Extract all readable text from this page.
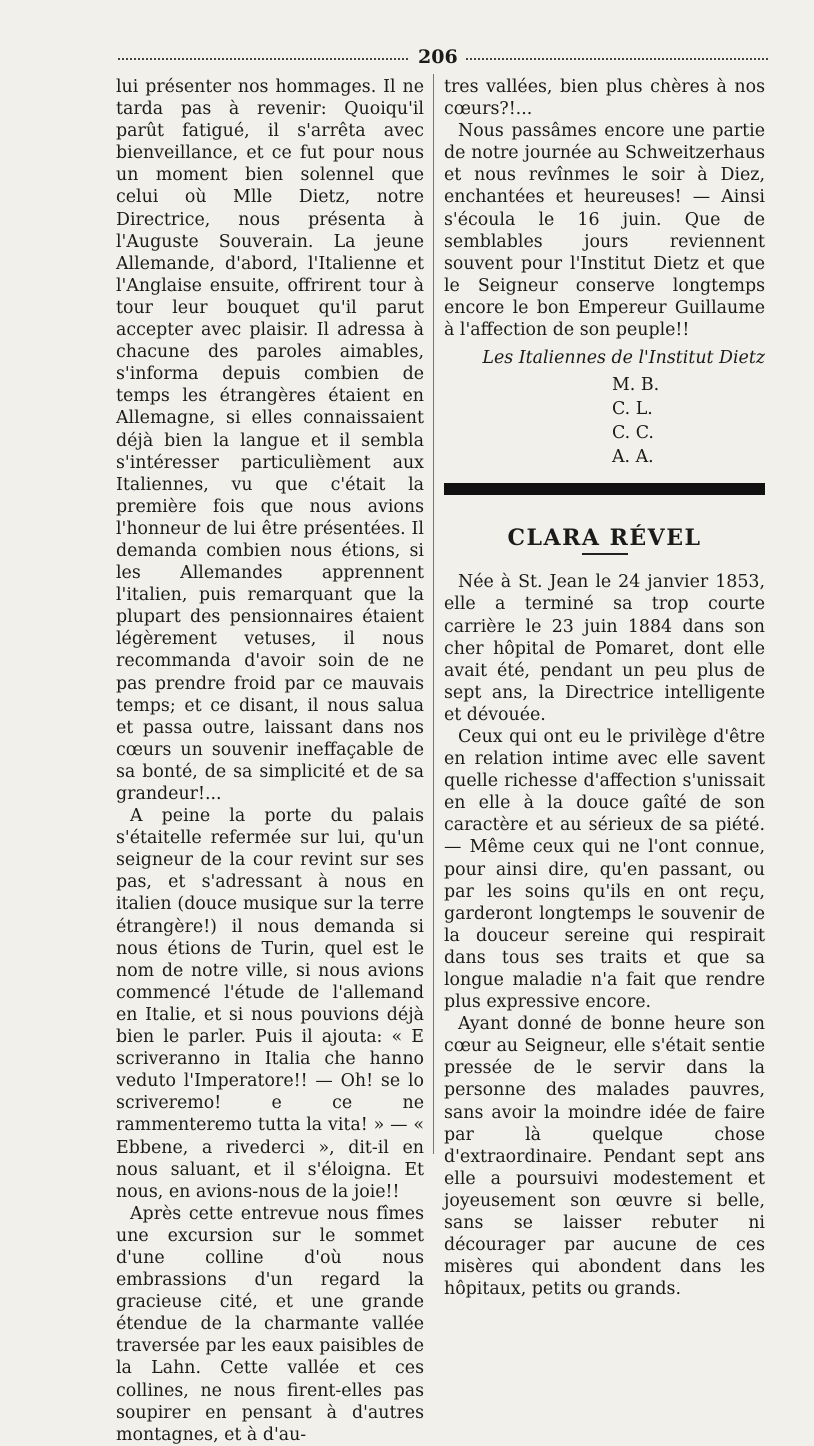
206

lui présenter nos hommages. Il ne tarda pas à revenir: Quoiqu'il parût fatigué, il s'arrêta avec bienveillance, et ce fut pour nous un moment bien solennel que celui où Mlle Dietz, notre Directrice, nous présenta à l'Auguste Souverain. La jeune Allemande, d'abord, l'Italienne et l'Anglaise ensuite, offrirent tour à tour leur bouquet qu'il parut accepter avec plaisir. Il adressa à chacune des paroles aimables, s'informa depuis combien de temps les étrangères étaient en Allemagne, si elles connaissaient déjà bien la langue et il sembla s'intéresser particulièment aux Italiennes, vu que c'était la première fois que nous avions l'honneur de lui être présentées. Il demanda combien nous étions, si les Allemandes apprennent l'italien, puis remarquant que la plupart des pensionnaires étaient légèrement vetuses, il nous recommanda d'avoir soin de ne pas prendre froid par ce mauvais temps; et ce disant, il nous salua et passa outre, laissant dans nos cœurs un souvenir ineffaçable de sa bonté, de sa simplicité et de sa grandeur!...

A peine la porte du palais s'étaitelle refermée sur lui, qu'un seigneur de la cour revint sur ses pas, et s'adressant à nous en italien (douce musique sur la terre étrangère!) il nous demanda si nous étions de Turin, quel est le nom de notre ville, si nous avions commencé l'étude de l'allemand en Italie, et si nous pouvions déjà bien le parler. Puis il ajouta: « E scriveranno in Italia che hanno veduto l'Imperatore!! — Oh! se lo scriveremo! e ce ne rammenteremo tutta la vita! » — « Ebbene, a rivederci », dit-il en nous saluant, et il s'éloigna. Et nous, en avions-nous de la joie!!

Après cette entrevue nous fîmes une excursion sur le sommet d'une colline d'où nous embrassions d'un regard la gracieuse cité, et une grande étendue de la charmante vallée traversée par les eaux paisibles de la Lahn. Cette vallée et ces collines, ne nous firent-elles pas soupirer en pensant à d'autres montagnes, et à d'au-

tres vallées, bien plus chères à nos cœurs?!...

Nous passâmes encore une partie de notre journée au Schweitzerhaus et nous revînmes le soir à Diez, enchantées et heureuses! — Ainsi s'écoula le 16 juin. Que de semblables jours reviennent souvent pour l'Institut Dietz et que le Seigneur conserve longtemps encore le bon Empereur Guillaume à l'affection de son peuple!!

Les Italiennes de l'Institut Dietz
M. B.
C. L.
C. C.
A. A.
CLARA RÉVEL

Née à St. Jean le 24 janvier 1853, elle a terminé sa trop courte carrière le 23 juin 1884 dans son cher hôpital de Pomaret, dont elle avait été, pendant un peu plus de sept ans, la Directrice intelligente et dévouée.

Ceux qui ont eu le privilège d'être en relation intime avec elle savent quelle richesse d'affection s'unissait en elle à la douce gaîté de son caractère et au sérieux de sa piété. — Même ceux qui ne l'ont connue, pour ainsi dire, qu'en passant, ou par les soins qu'ils en ont reçu, garderont longtemps le souvenir de la douceur sereine qui respirait dans tous ses traits et que sa longue maladie n'a fait que rendre plus expressive encore.

Ayant donné de bonne heure son cœur au Seigneur, elle s'était sentie pressée de le servir dans la personne des malades pauvres, sans avoir la moindre idée de faire par là quelque chose d'extraordinaire. Pendant sept ans elle a poursuivi modestement et joyeusement son œuvre si belle, sans se laisser rebuter ni décourager par aucune de ces misères qui abondent dans les hôpitaux, petits ou grands.
